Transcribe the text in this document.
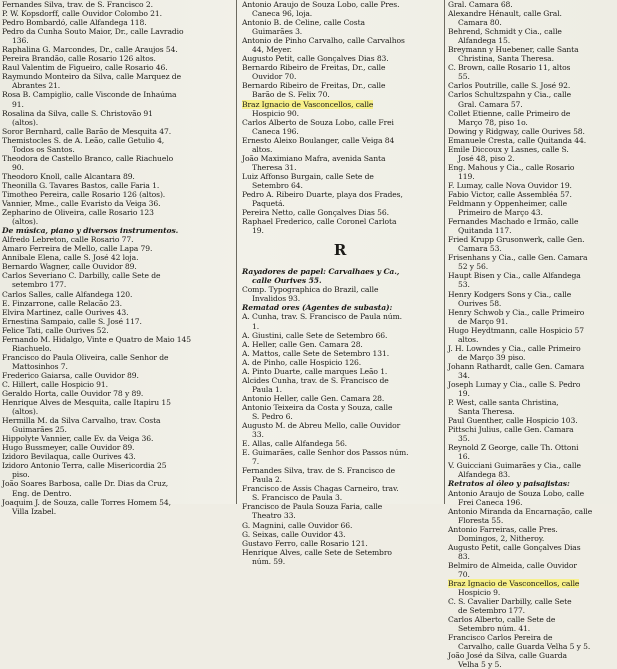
Fernandes Silva, trav. de S. Francisco 2.
P. W. Kopsdorff, calle Ouvidor Colombo 21.
Pedro Bombardó, calle Alfandega 118.
Pedro da Cunha Souto Maior, Dr., calle Lavradio
136.
Raphalina G. Marcondes, Dr., calle Araujos 54.
Pereira Brandão, calle Rosario 126 altos.
Raul Valentim de Figueiro, calle Rosario 46.
Raymundo Monteiro da Silva, calle Marquez de
Abrantes 21.
Rosa B. Campiglio, calle Visconde de Inhaúma
91.
Rosalina da Silva, calle S. Christovão 91
(altos).
Soror Bernhard, calle Barão de Mesquita 47.
Themistocles S. de A. Leão, calle Getulio 4,
Todos os Santos.
Theodora de Castello Branco, calle Riachuelo
90.
Theodoro Knoll, calle Alcantara 89.
Theonilla G. Tavares Bastos, calle Faria 1.
Timotheo Pereira, calle Rosario 126 (altos).
Vannier, Mme., calle Evaristo da Veiga 36.
Zepharino de Oliveira, calle Rosario 123
(altos).
De música, piano y diversos instrumentos.
Alfredo Lebreton, calle Rosario 77.
Amaro Ferreira de Mello, calle Lapa 79.
Annibale Elena, calle S. José 42 loja.
Bernardo Wagner, calle Ouvidor 89.
Carlos Severiano C. Darbilly, calle Sete de
setembro 177.
Carlos Salles, calle Alfandega 120.
E. Finzarrone, calle Relacão 23.
Elvira Martinez, calle Ourives 43.
Ernestina Sampaio, calle S. José 117.
Felice Tati, calle Ourives 52.
Fernando M. Hidalgo, Vinte e Quatro de Maio 145
Riachuelo.
Francisco do Paula Oliveira, calle Senhor de
Mattosinhos 7.
Frederico Gaiarsa, calle Ouvidor 89.
C. Hillert, calle Hospicio 91.
Geraldo Horta, calle Ouvidor 78 y 89.
Henrique Alves de Mesquita, calle Itapiru 15
(altos).
Hermilla M. da Silva Carvalho, trav. Costa
Guimarães 25.
Hippolyte Vannier, calle Ev. da Veiga 36.
Hugo Bussmeyer, calle Ouvidor 89.
Izidoro Bevilaqua, calle Ourives 43.
Izidoro Antonio Terra, calle Misericordia 25
piso.
João Soares Barbosa, calle Dr. Dias da Cruz,
Eng. de Dentro.
Joaquim J. de Souza, calle Torres Homem 54,
Villa Izabel.
Antonio Araujo de Souza Lobo, calle Pres.
Caneca 96, loja.
Antonio B. de Celine, calle Costa
Guimarães 3.
Antonio de Pinho Carvalho, calle Carvalhos
44, Meyer.
Augusto Petit, calle Gonçalves Dias 83.
Bernardo Ribeiro de Freitas, Dr., calle
Ouvidor 70.
Bernardo Ribeiro de Freitas, Dr., calle
Barão de S. Felix 70.
Braz Ignacio de Vasconcellos, calle
Hospicio 90.
Carlos Alberto de Souza Lobo, calle Frei
Caneca 196.
Ernesto Aleixo Boulanger, calle Veiga 84
altos.
João Maximiano Mafra, avenida Santa
Theresa 31.
Luiz Affonso Burgain, calle Sete de
Setembro 64.
Pedro A. Ribeiro Duarte, playa dos Frades,
Paquetá.
Pereira Netto, calle Gonçalves Dias 56.
Raphael Frederico, calle Coronel Carlota
19.
R
Rayadores de papel: Carvalhaes y Ca.,
calle Ourives 55.
Comp. Typographica do Brazil, calle
Invalidos 93.
Rematad ores (Agentes de subasta):
A. Cunha, trav. S. Francisco de Paula núm.
1.
A. Giustini, calle Sete de Setembro 66.
A. Heller, calle Gen. Camara 28.
A. Mattos, calle Sete de Setembro 131.
A. de Pinho, calle Hospicio 126.
A. Pinto Duarte, calle marques Leão 1.
Alcides Cunha, trav. de S. Francisco de
Paula 1.
Antonio Heller, calle Gen. Camara 28.
Antonio Teixeira da Costa y Souza, calle
S. Pedro 6.
Augusto M. de Abreu Mello, calle Ouvidor
33.
E. Allas, calle Alfandega 56.
E. Guimarães, calle Senhor dos Passos núm.
7.
Fernandes Silva, trav. de S. Francisco de
Paula 2.
Francisco de Assis Chagas Carneiro, trav.
S. Francisco de Paula 3.
Francisco de Paula Souza Faria, calle
Theatro 33.
G. Magnini, calle Ouvidor 66.
G. Seixas, calle Ouvidor 43.
Gustavo Ferro, calle Rosario 121.
Henrique Alves, calle Sete de Setembro
núm. 59.
Gral. Camara 68.
Alexandre Hénault, calle Gral.
Camara 80.
Behrend, Schmidt y Cia., calle
Alfandega 15.
Breymann y Huebener, calle Santa
Christina, Santa Theresa.
C. Brown, calle Rosario 11, altos
55.
Carlos Poutrille, calle S. José 92.
Carlos Schultzspahn y Cia., calle
Gral. Camara 57.
Collet Etienne, calle Primeiro de
Março 78, piso 1o.
Dowing y Ridgway, calle Ourives 58.
Emanuele Cresta, calle Quitanda 44.
Emile Diccoux y Lasnes, calle S.
José 48, piso 2.
Eng. Mahous y Cia., calle Rosario
119.
F. Lumay, calle Nova Ouvidor 19.
Fabio Victor, calle Assembléa 57.
Feldmann y Oppenheimer, calle
Primeiro de Março 43.
Fernandes Machado e Irmão, calle
Quitanda 117.
Fried Krupp Grusonwerk, calle Gen.
Camara 53.
Frisenhans y Cia., calle Gen. Camara
52 y 56.
Haupt Bisen y Cia., calle Alfandega
53.
Henry Kodgers Sons y Cia., calle
Ourives 58.
Henry Schwob y Cia., calle Primeiro
de Março 91.
Hugo Heydtmann, calle Hospicio 57
altos.
J. H. Lowndes y Cia., calle Primeiro
de Março 39 piso.
Johann Rathardt, calle Gen. Camara
34.
Joseph Lumay y Cia., calle S. Pedro
19.
P. West, calle santa Christina,
Santa Theresa.
Paul Guenther, calle Hospicio 103.
Pittschi Julius, calle Gen. Camara
35.
Reynold Z George, calle Th. Ottoni
16.
V. Guicciani Guimarães y Cia., calle
Alfandega 83.
Retratos al óleo y paisajistas:
Antonio Araujo de Souza Lobo, calle
Frei Caneca 196.
Antonio Miranda da Encarnação, calle
Floresta 55.
Antonio Farreiras, calle Pres.
Domingos, 2, Nitheroy.
Augusto Petit, calle Gonçalves Dias
83.
Belmiro de Almeida, calle Ouvidor
70.
Braz Ignacio de Vasconcellos, calle
Hospicio 9.
C. S. Cavalier Darbilly, calle Sete
de Setembro 177.
Carlos Alberto, calle Sete de
Setembro núm. 41.
Francisco Carlos Pereira de
Carvalho, calle Guarda Velha 5 y 5.
João José da Silva, calle Guarda
Velha 5 y 5.
